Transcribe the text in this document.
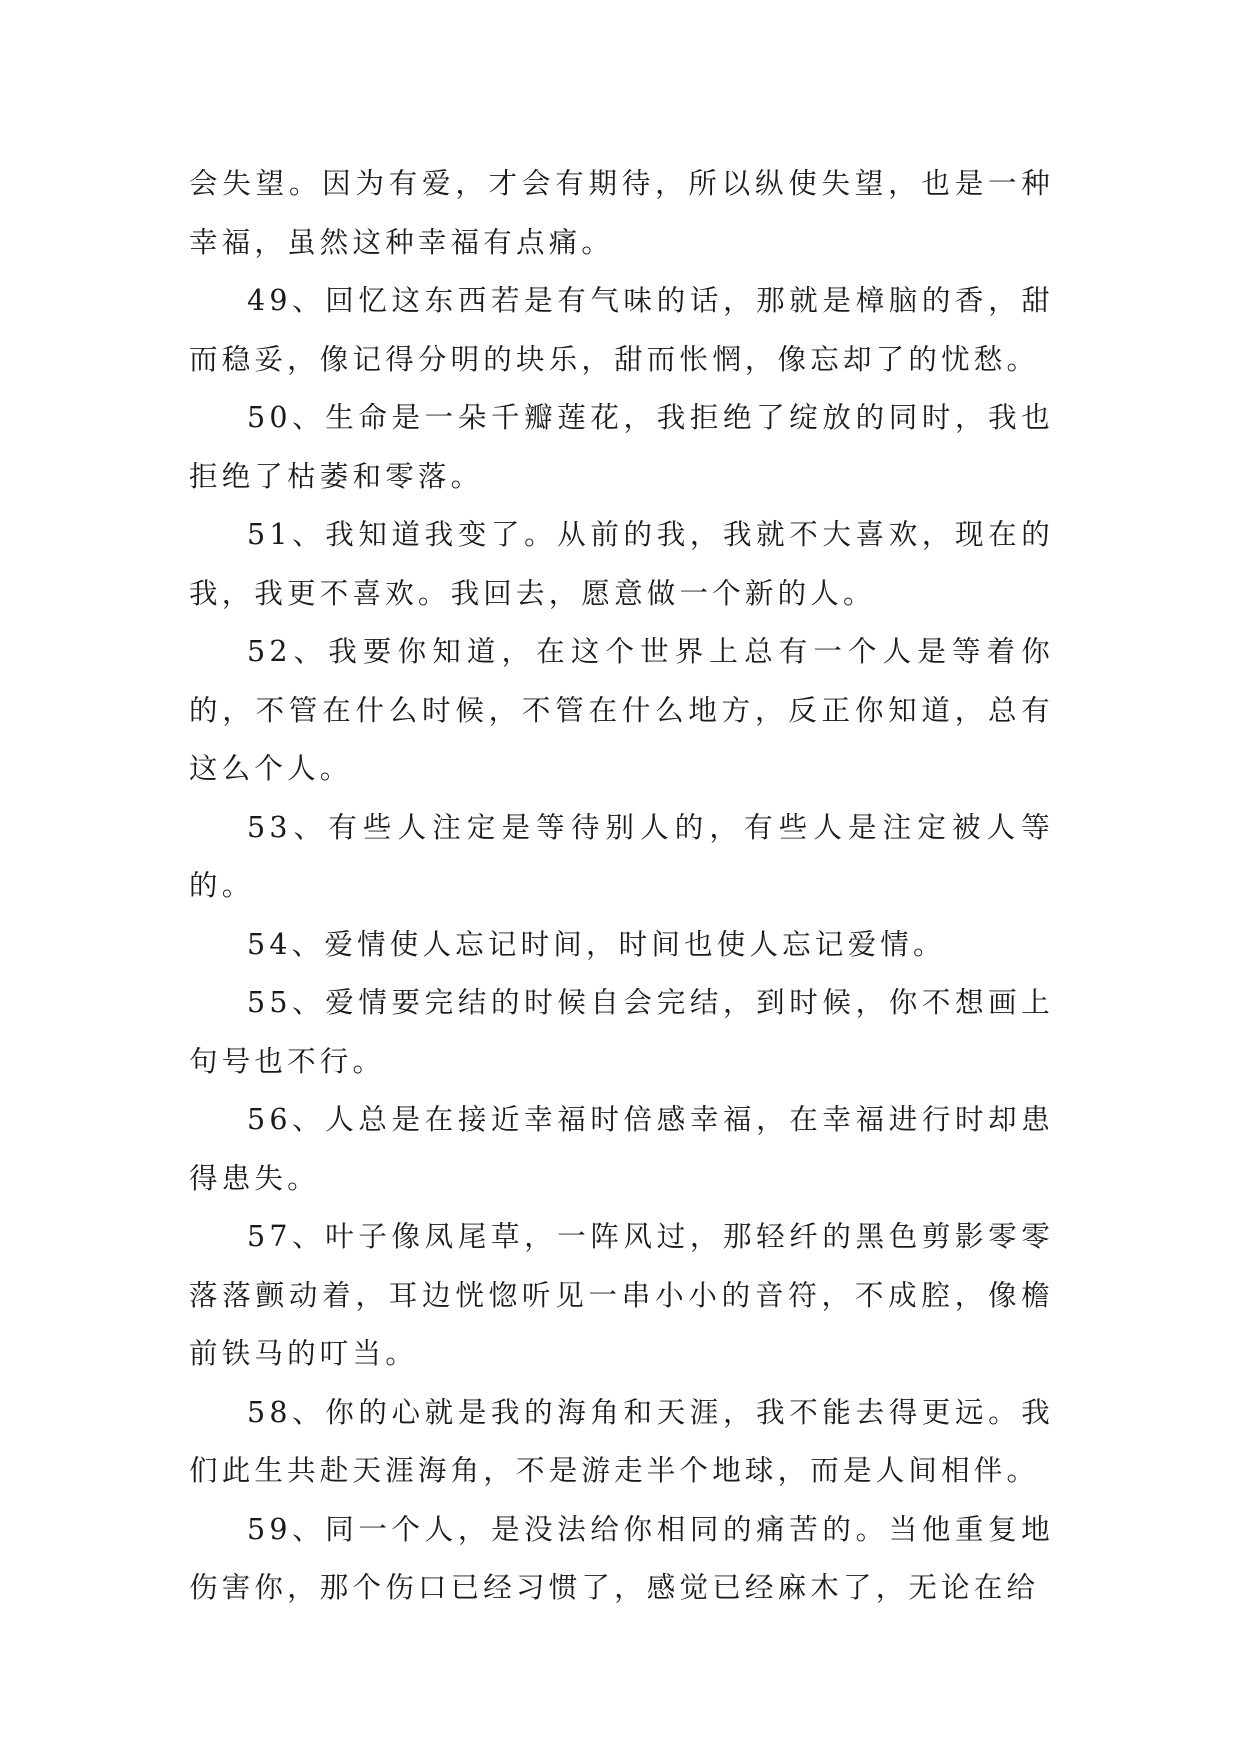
会失望。因为有爱，才会有期待，所以纵使失望，也是一种幸福，虽然这种幸福有点痛。

49、回忆这东西若是有气味的话，那就是樟脑的香，甜而稳妥，像记得分明的块乐，甜而怅惘，像忘却了的忧愁。

50、生命是一朵千瓣莲花，我拒绝了绽放的同时，我也拒绝了枯萎和零落。

51、我知道我变了。从前的我，我就不大喜欢，现在的我，我更不喜欢。我回去，愿意做一个新的人。

52、我要你知道，在这个世界上总有一个人是等着你的，不管在什么时候，不管在什么地方，反正你知道，总有这么个人。

53、有些人注定是等待别人的，有些人是注定被人等的。

54、爱情使人忘记时间，时间也使人忘记爱情。

55、爱情要完结的时候自会完结，到时候，你不想画上句号也不行。

56、人总是在接近幸福时倍感幸福，在幸福进行时却患得患失。

57、叶子像凤尾草，一阵风过，那轻纤的黑色剪影零零落落颤动着，耳边恍惚听见一串小小的音符，不成腔，像檐前铁马的叮当。

58、你的心就是我的海角和天涯，我不能去得更远。我们此生共赴天涯海角，不是游走半个地球，而是人间相伴。

59、同一个人，是没法给你相同的痛苦的。当他重复地伤害你，那个伤口已经习惯了，感觉已经麻木了，无论在给
